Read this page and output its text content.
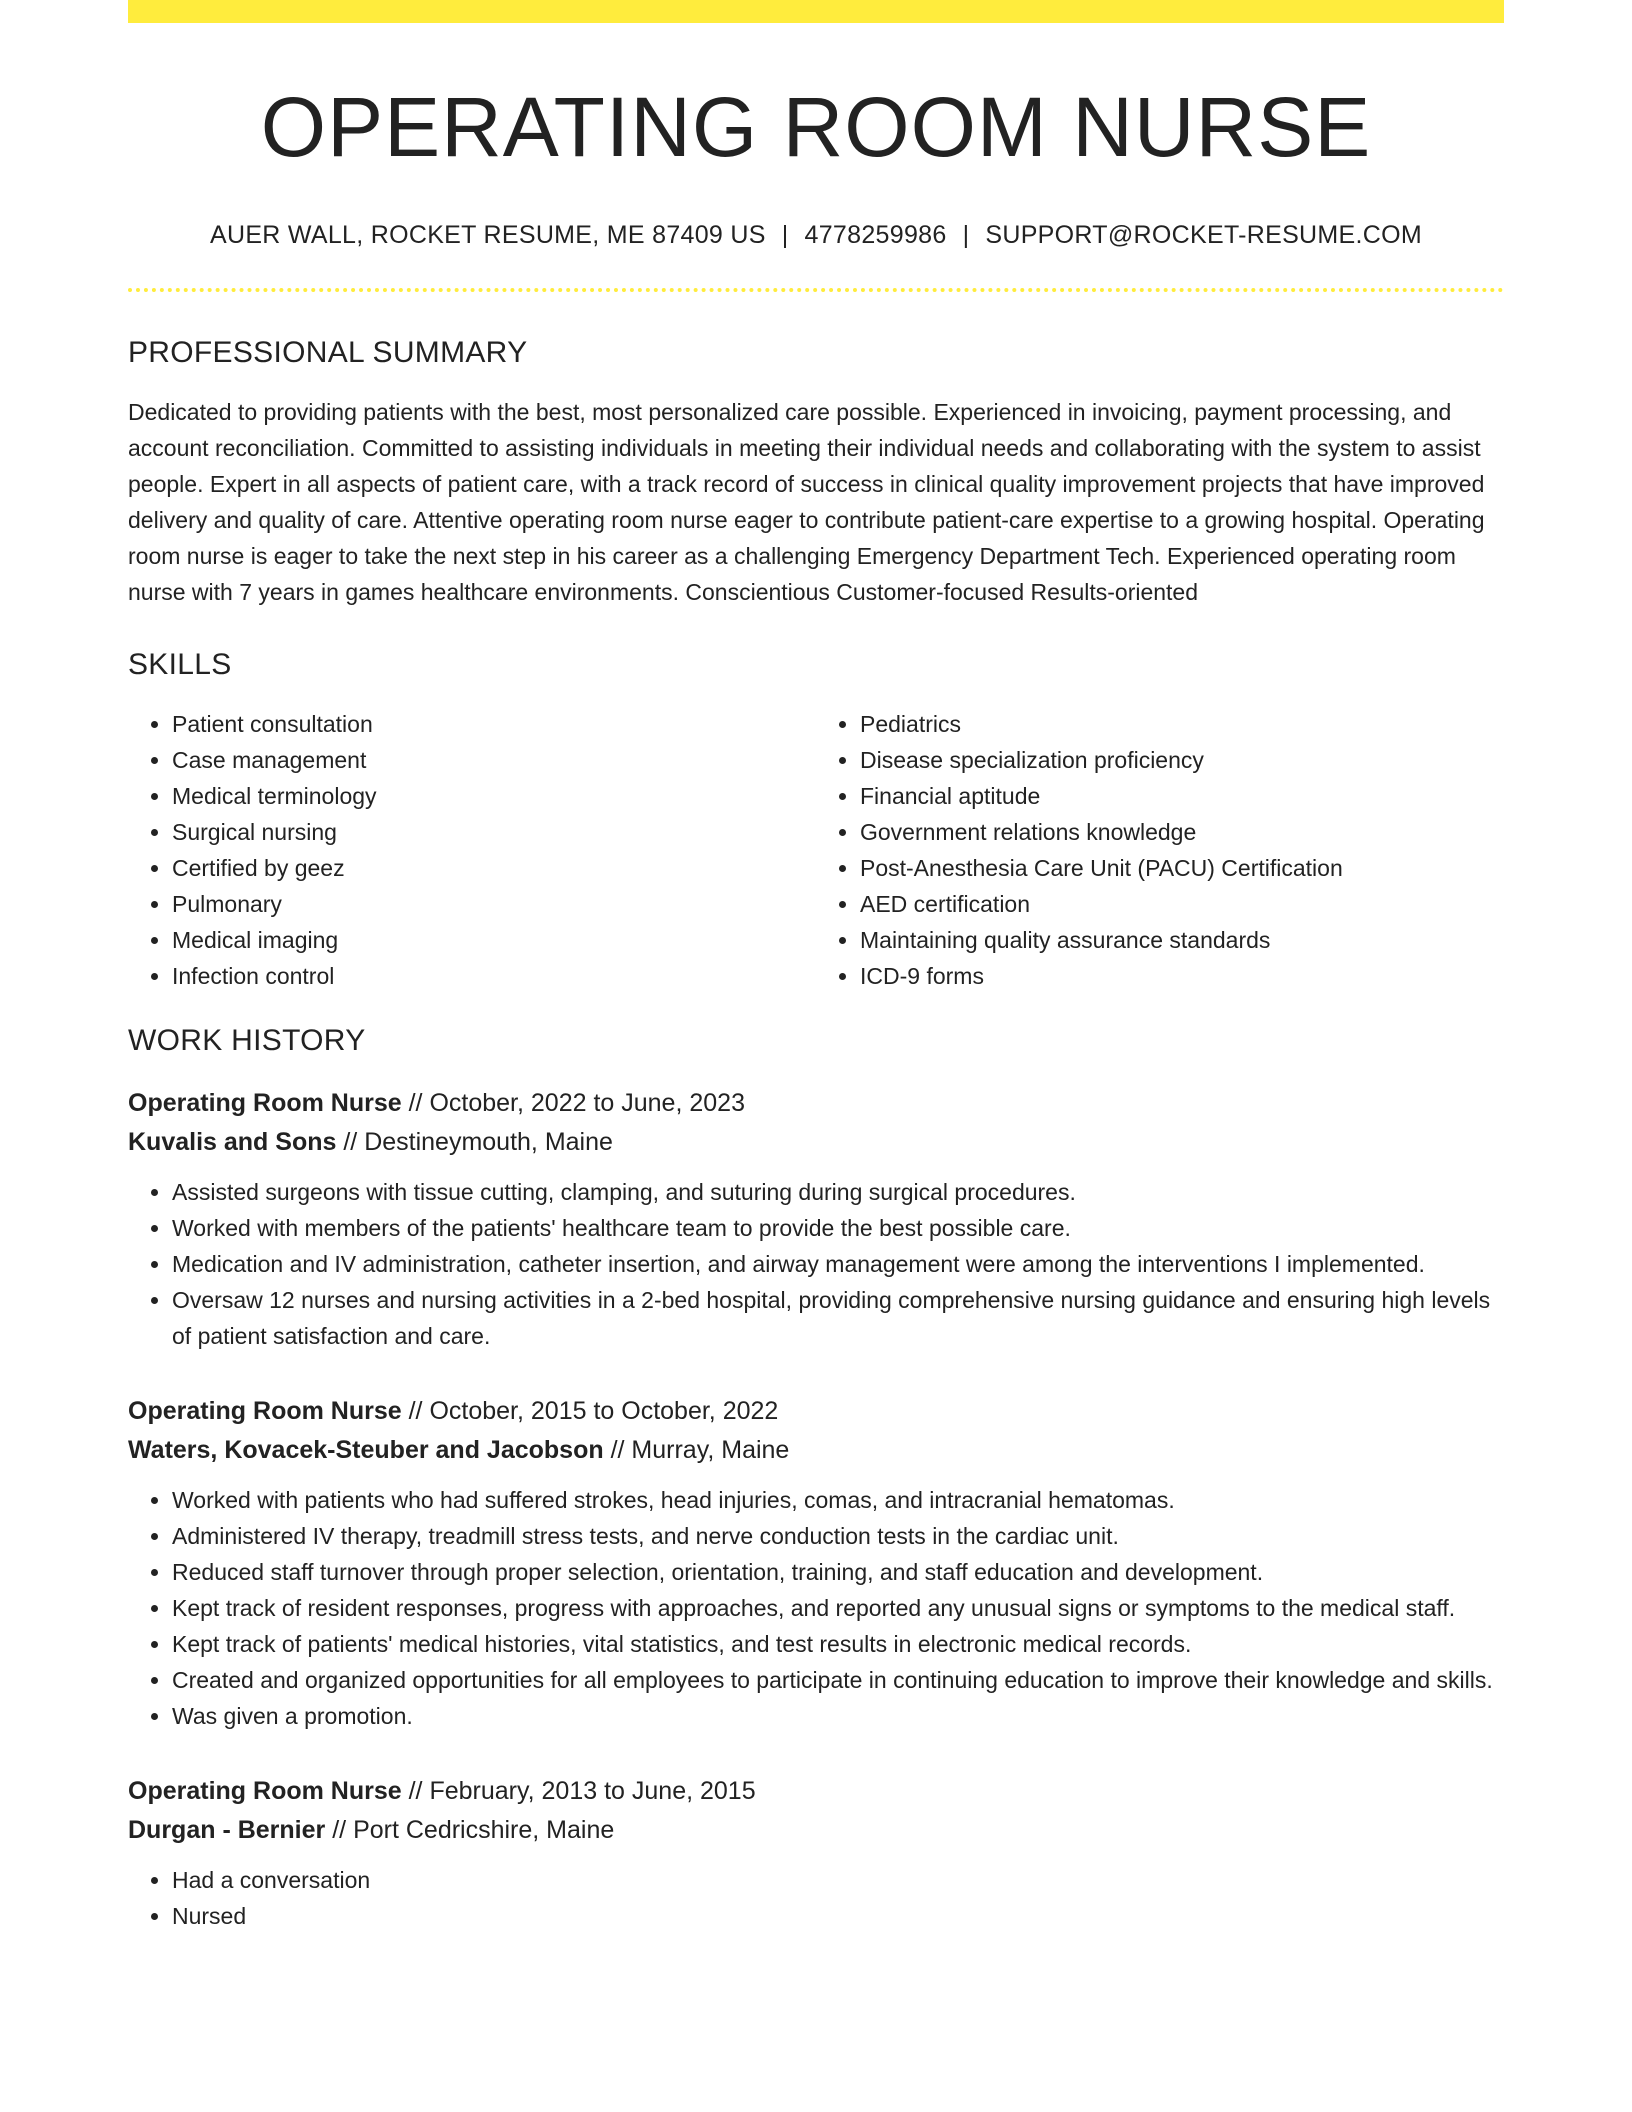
OPERATING ROOM NURSE
AUER WALL, ROCKET RESUME, ME 87409 US | 4778259986 | SUPPORT@ROCKET-RESUME.COM
PROFESSIONAL SUMMARY
Dedicated to providing patients with the best, most personalized care possible. Experienced in invoicing, payment processing, and account reconciliation. Committed to assisting individuals in meeting their individual needs and collaborating with the system to assist people. Expert in all aspects of patient care, with a track record of success in clinical quality improvement projects that have improved delivery and quality of care. Attentive operating room nurse eager to contribute patient-care expertise to a growing hospital. Operating room nurse is eager to take the next step in his career as a challenging Emergency Department Tech. Experienced operating room nurse with 7 years in games healthcare environments. Conscientious Customer-focused Results-oriented
SKILLS
• Patient consultation
• Case management
• Medical terminology
• Surgical nursing
• Certified by geez
• Pulmonary
• Medical imaging
• Infection control
• Pediatrics
• Disease specialization proficiency
• Financial aptitude
• Government relations knowledge
• Post-Anesthesia Care Unit (PACU) Certification
• AED certification
• Maintaining quality assurance standards
• ICD-9 forms
WORK HISTORY
Operating Room Nurse // October, 2022 to June, 2023
Kuvalis and Sons // Destineymouth, Maine
• Assisted surgeons with tissue cutting, clamping, and suturing during surgical procedures.
• Worked with members of the patients' healthcare team to provide the best possible care.
• Medication and IV administration, catheter insertion, and airway management were among the interventions I implemented.
• Oversaw 12 nurses and nursing activities in a 2-bed hospital, providing comprehensive nursing guidance and ensuring high levels of patient satisfaction and care.
Operating Room Nurse // October, 2015 to October, 2022
Waters, Kovacek-Steuber and Jacobson // Murray, Maine
• Worked with patients who had suffered strokes, head injuries, comas, and intracranial hematomas.
• Administered IV therapy, treadmill stress tests, and nerve conduction tests in the cardiac unit.
• Reduced staff turnover through proper selection, orientation, training, and staff education and development.
• Kept track of resident responses, progress with approaches, and reported any unusual signs or symptoms to the medical staff.
• Kept track of patients' medical histories, vital statistics, and test results in electronic medical records.
• Created and organized opportunities for all employees to participate in continuing education to improve their knowledge and skills.
• Was given a promotion.
Operating Room Nurse // February, 2013 to June, 2015
Durgan - Bernier // Port Cedricshire, Maine
• Had a conversation
• Nursed
